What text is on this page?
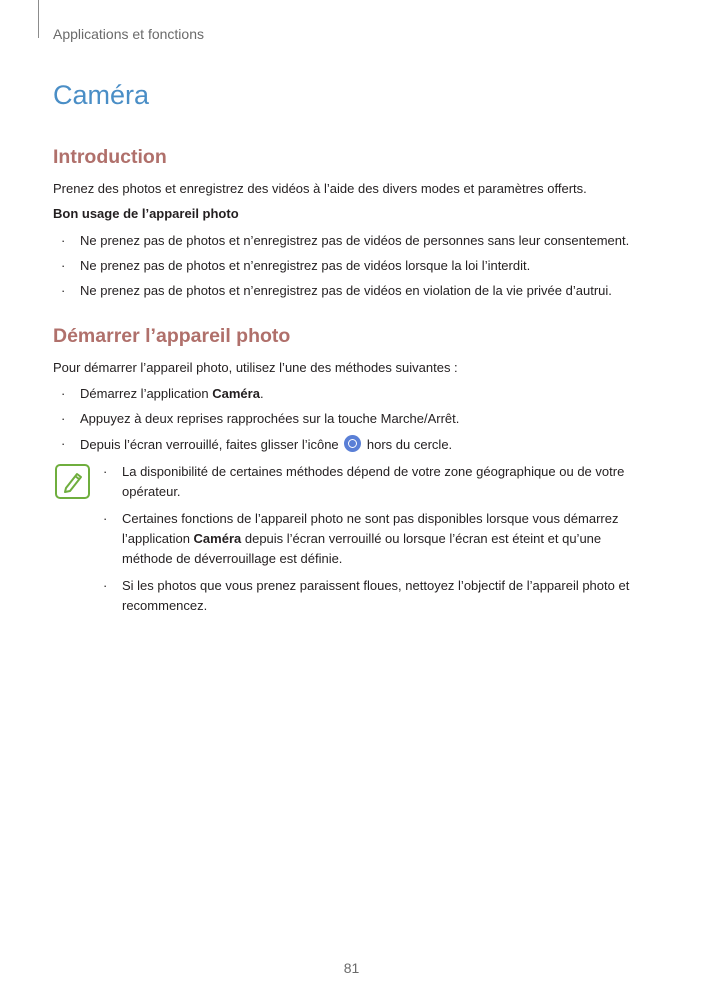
Applications et fonctions
Caméra
Introduction
Prenez des photos et enregistrez des vidéos à l’aide des divers modes et paramètres offerts.
Bon usage de l’appareil photo
· Ne prenez pas de photos et n’enregistrez pas de vidéos de personnes sans leur consentement.
· Ne prenez pas de photos et n’enregistrez pas de vidéos lorsque la loi l’interdit.
· Ne prenez pas de photos et n’enregistrez pas de vidéos en violation de la vie privée d’autrui.
Démarrer l’appareil photo
Pour démarrer l’appareil photo, utilisez l’une des méthodes suivantes :
· Démarrez l’application Caméra.
· Appuyez à deux reprises rapprochées sur la touche Marche/Arrêt.
· Depuis l’écran verrouillé, faites glisser l’icône  hors du cercle.
· La disponibilité de certaines méthodes dépend de votre zone géographique ou de votre opérateur.
· Certaines fonctions de l’appareil photo ne sont pas disponibles lorsque vous démarrez l’application Caméra depuis l’écran verrouillé ou lorsque l’écran est éteint et qu’une méthode de déverrouillage est définie.
· Si les photos que vous prenez paraissent floues, nettoyez l’objectif de l’appareil photo et recommencez.
81
